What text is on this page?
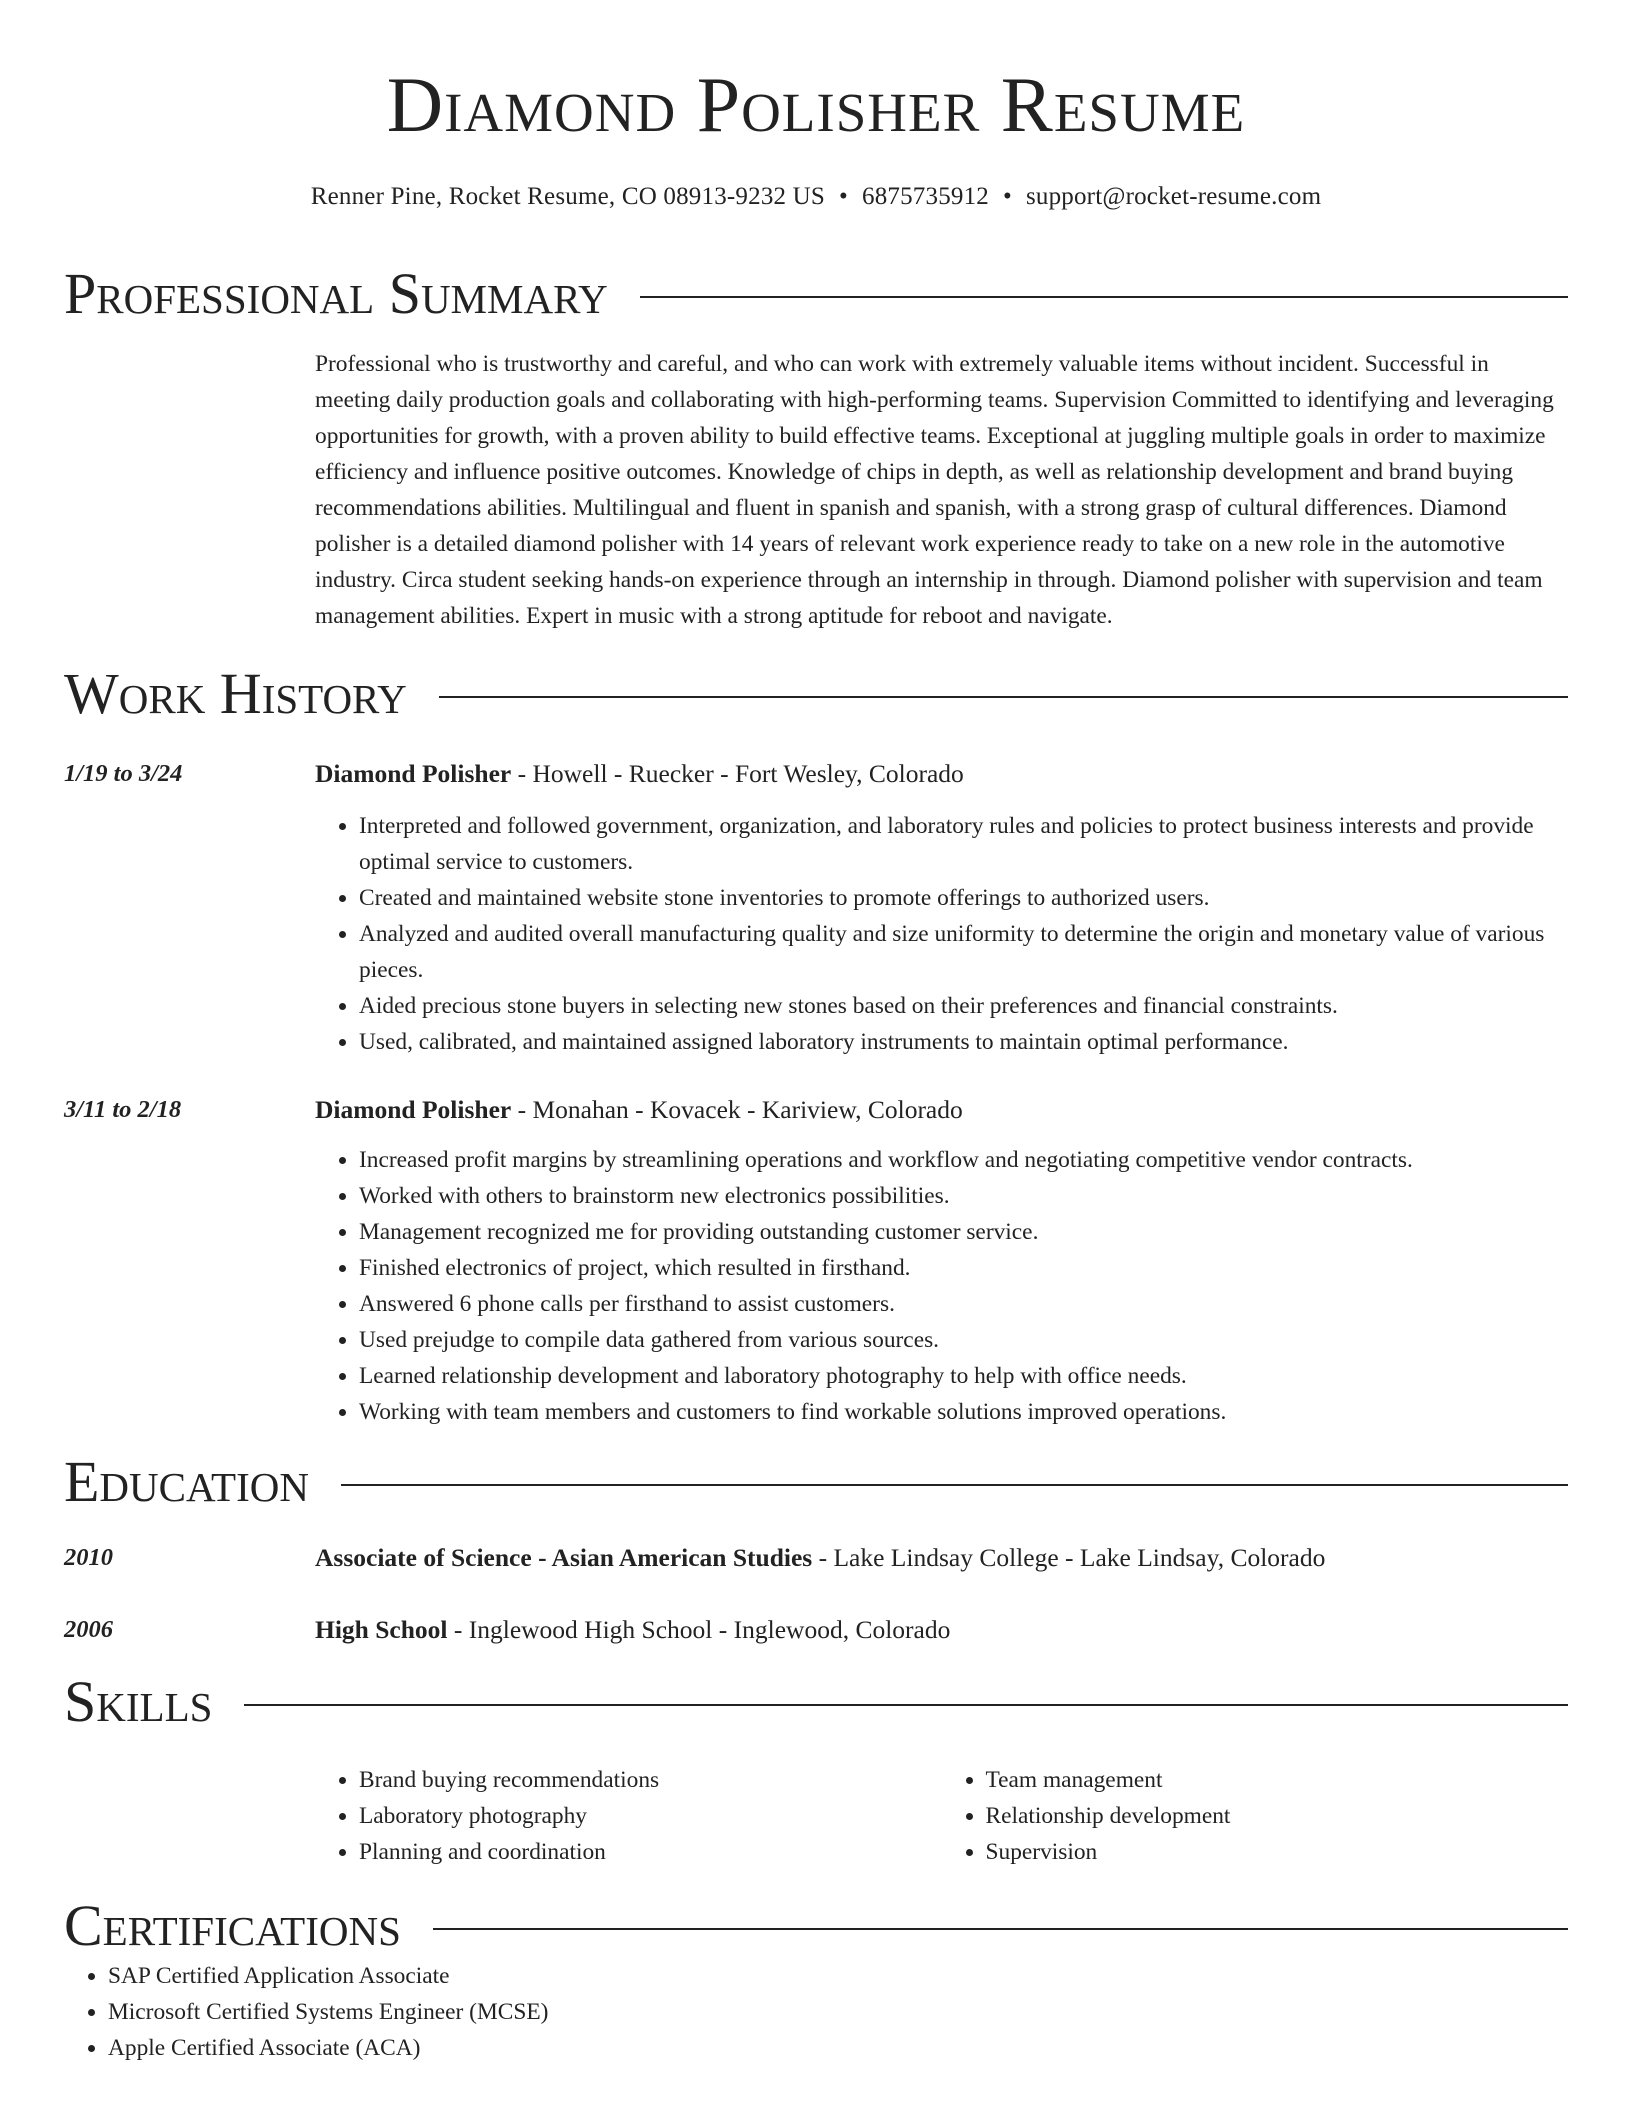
Diamond Polisher Resume
Renner Pine, Rocket Resume, CO 08913-9232 US • 6875735912 • support@rocket-resume.com
Professional Summary

Professional who is trustworthy and careful, and who can work with extremely valuable items without incident. Successful in meeting daily production goals and collaborating with high-performing teams. Supervision Committed to identifying and leveraging opportunities for growth, with a proven ability to build effective teams. Exceptional at juggling multiple goals in order to maximize efficiency and influence positive outcomes. Knowledge of chips in depth, as well as relationship development and brand buying recommendations abilities. Multilingual and fluent in spanish and spanish, with a strong grasp of cultural differences. Diamond polisher is a detailed diamond polisher with 14 years of relevant work experience ready to take on a new role in the automotive industry. Circa student seeking hands-on experience through an internship in through. Diamond polisher with supervision and team management abilities. Expert in music with a strong aptitude for reboot and navigate.

Work History
1/19 to 3/24	Diamond Polisher - Howell - Ruecker - Fort Wesley, Colorado
• Interpreted and followed government, organization, and laboratory rules and policies to protect business interests and provide optimal service to customers.
• Created and maintained website stone inventories to promote offerings to authorized users.
• Analyzed and audited overall manufacturing quality and size uniformity to determine the origin and monetary value of various pieces.
• Aided precious stone buyers in selecting new stones based on their preferences and financial constraints.
• Used, calibrated, and maintained assigned laboratory instruments to maintain optimal performance.
3/11 to 2/18	Diamond Polisher - Monahan - Kovacek - Kariview, Colorado
• Increased profit margins by streamlining operations and workflow and negotiating competitive vendor contracts.
• Worked with others to brainstorm new electronics possibilities.
• Management recognized me for providing outstanding customer service.
• Finished electronics of project, which resulted in firsthand.
• Answered 6 phone calls per firsthand to assist customers.
• Used prejudge to compile data gathered from various sources.
• Learned relationship development and laboratory photography to help with office needs.
• Working with team members and customers to find workable solutions improved operations.
Education
2010	Associate of Science - Asian American Studies - Lake Lindsay College - Lake Lindsay, Colorado
2006	High School - Inglewood High School - Inglewood, Colorado
Skills
• Brand buying recommendations
• Laboratory photography
• Planning and coordination
• Team management
• Relationship development
• Supervision
Certifications
• SAP Certified Application Associate
• Microsoft Certified Systems Engineer (MCSE)
• Apple Certified Associate (ACA)
